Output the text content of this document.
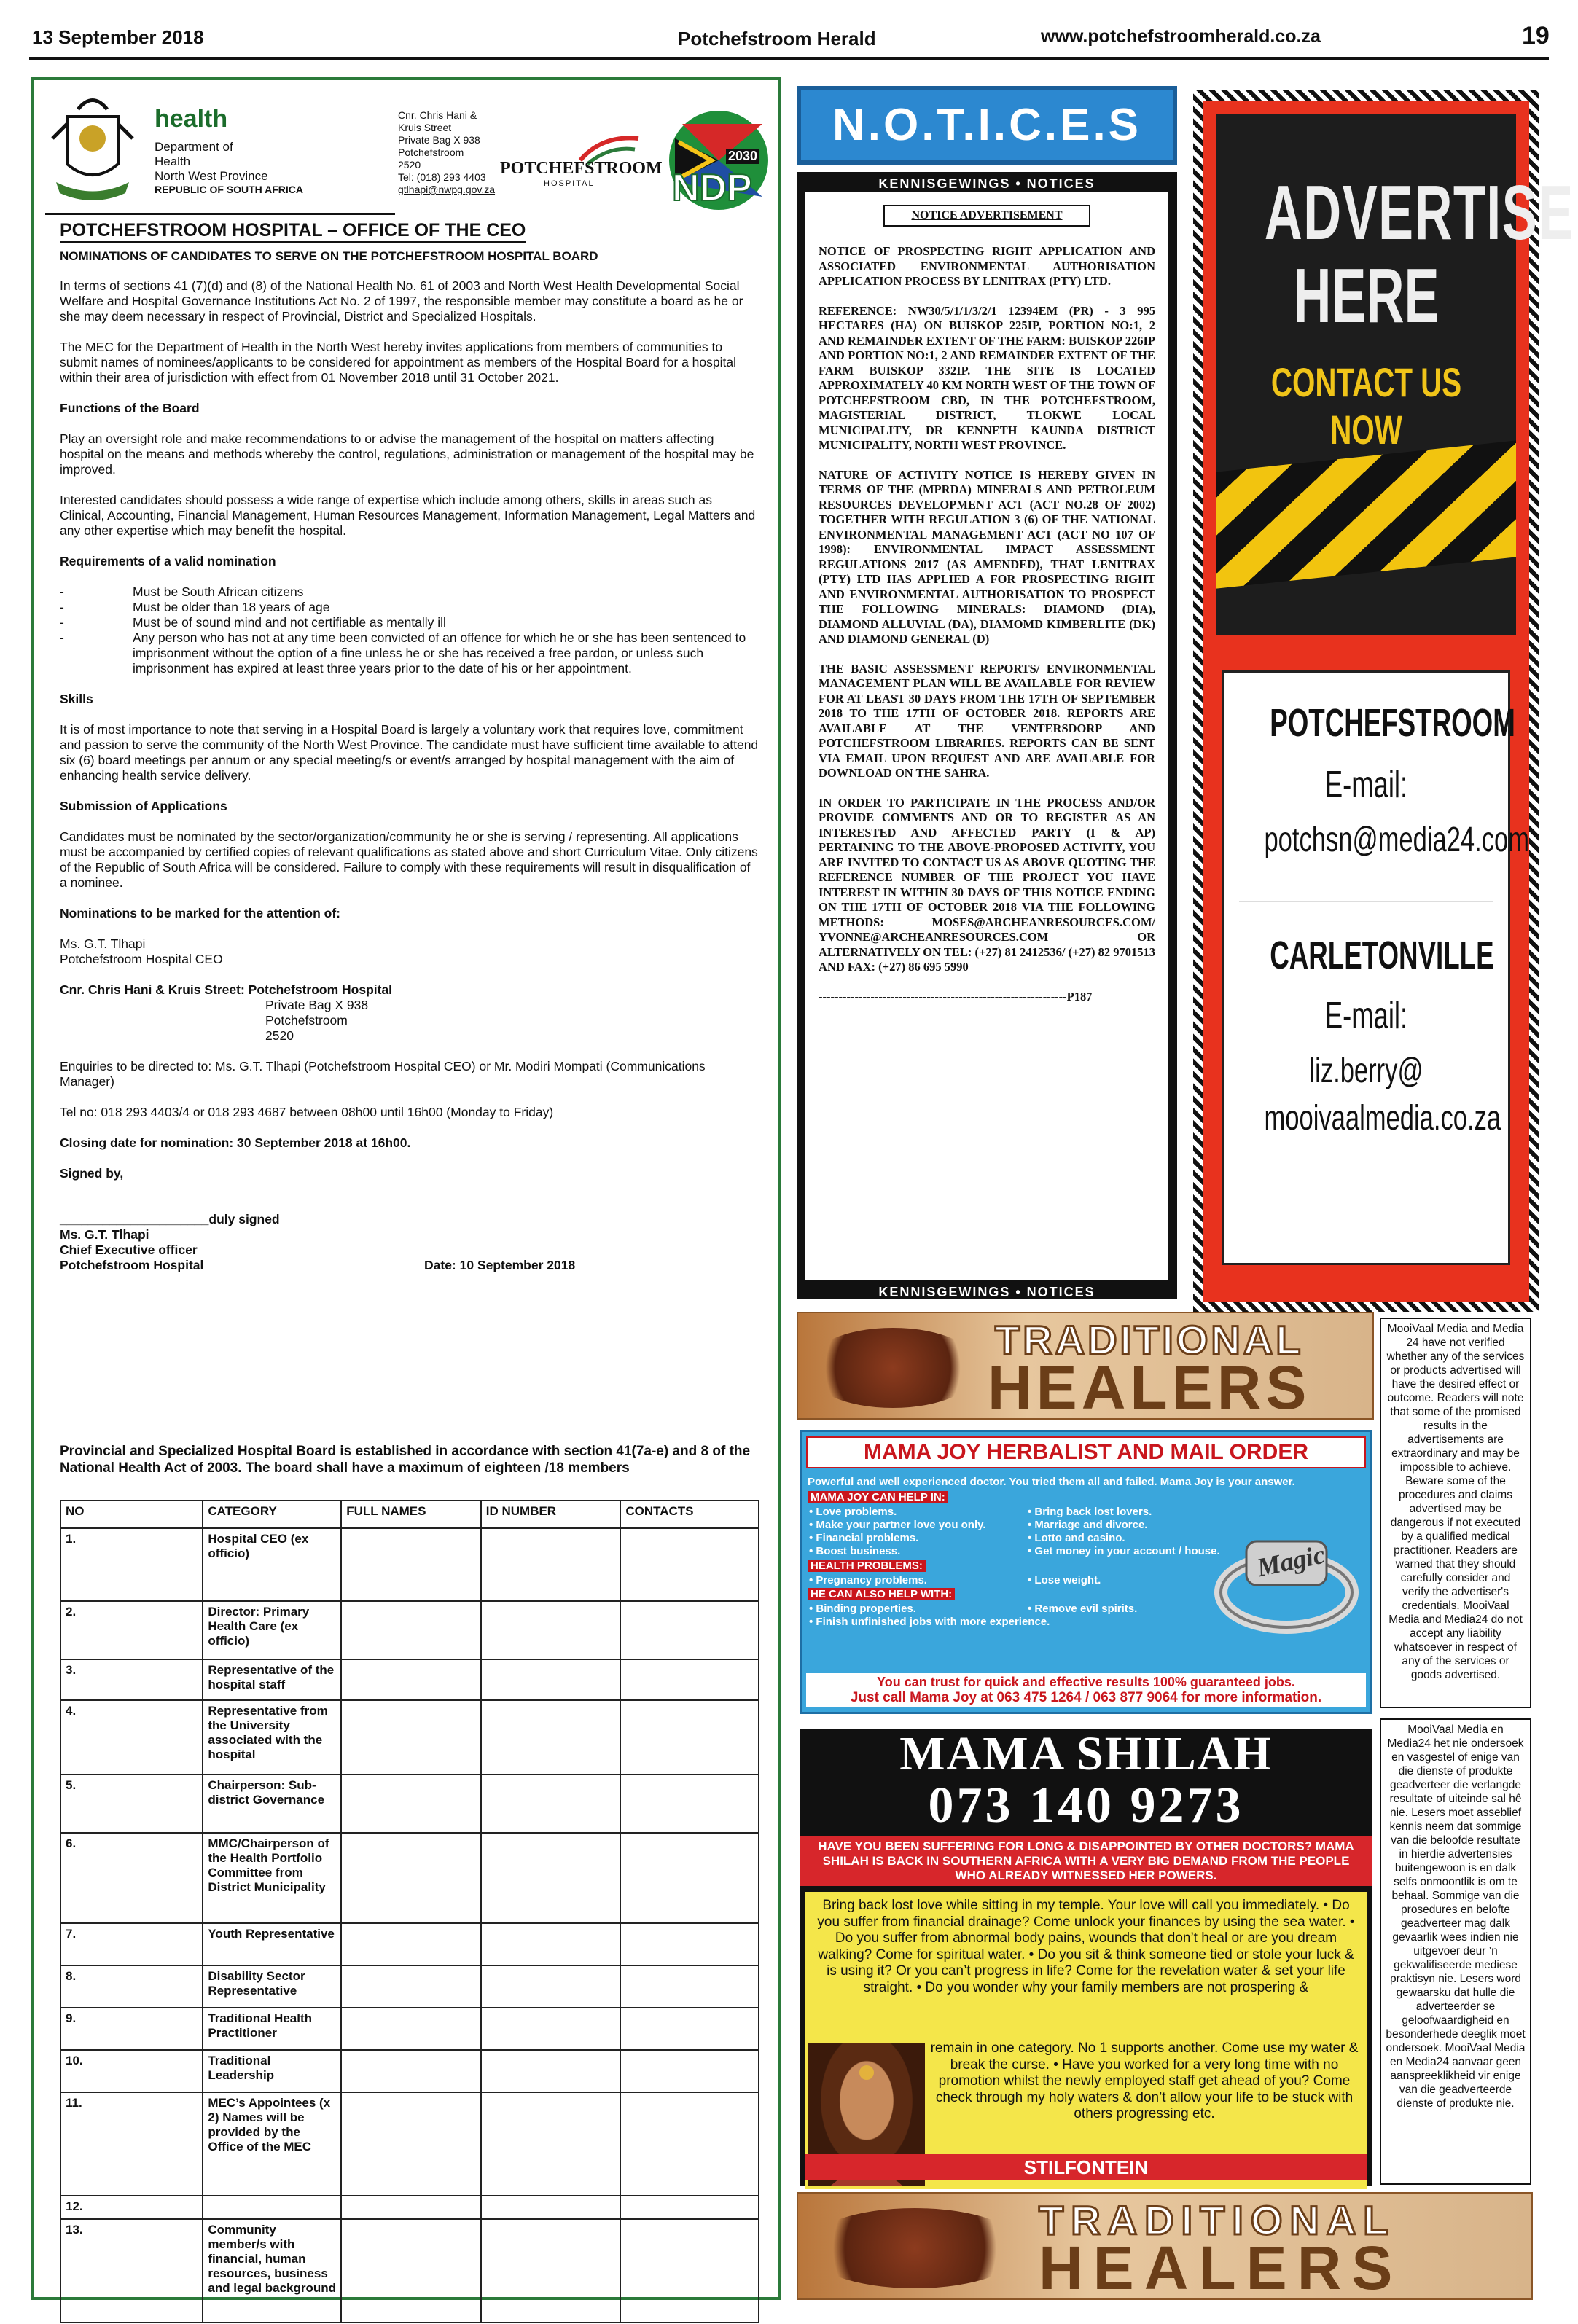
13 September 2018	Potchefstroom Herald	www.potchefstroomherald.co.za	19
health
Department of
Health
North West Province
REPUBLIC OF SOUTH AFRICA
Cnr. Chris Hani &
Kruis Street
Private Bag X 938
Potchefstroom
2520
Tel: (018) 293 4403
gtlhapi@nwpg.gov.za
POTCHEFSTROOM
HOSPITAL
2030
NDP
POTCHEFSTROOM HOSPITAL – OFFICE OF THE CEO
NOMINATIONS OF CANDIDATES TO SERVE ON THE POTCHEFSTROOM HOSPITAL BOARD

In terms of sections 41 (7)(d) and (8) of the National Health No. 61 of 2003 and North West Health Developmental Social Welfare and Hospital Governance Institutions Act No. 2 of 1997, the responsible member may constitute a board as he or she may deem necessary in respect of Provincial, District and Specialized Hospitals.

The MEC for the Department of Health in the North West hereby invites applications from members of communities to submit names of nominees/applicants to be considered for appointment as members of the Hospital Board for a hospital within their area of jurisdiction with effect from 01 November 2018 until 31 October 2021.

Functions of the Board

Play an oversight role and make recommendations to or advise the management of the hospital on matters affecting hospital on the means and methods whereby the control, regulations, administration or management of the hospital may be improved.

Interested candidates should possess a wide range of expertise which include among others, skills in areas such as Clinical, Accounting, Financial Management, Human Resources Management, Information Management, Legal Matters and any other expertise which may benefit the hospital.

Requirements of a valid nomination

-	Must be South African citizens
-	Must be older than 18 years of age
-	Must be of sound mind and not certifiable as mentally ill
-	Any person who has not at any time been convicted of an offence for which he or she has been sentenced to imprisonment without the option of a fine unless he or she has received a free pardon, or unless such imprisonment has expired at least three years prior to the date of his or her appointment.

Skills

It is of most importance to note that serving in a Hospital Board is largely a voluntary work that requires love, commitment and passion to serve the community of the North West Province. The candidate must have sufficient time available to attend six (6) board meetings per annum or any special meeting/s or event/s arranged by hospital management with the aim of enhancing health service delivery.

Submission of Applications

Candidates must be nominated by the sector/organization/community he or she is serving / representing. All applications must be accompanied by certified copies of relevant qualifications as stated above and short Curriculum Vitae. Only citizens of the Republic of South Africa will be considered. Failure to comply with these requirements will result in disqualification of a nominee.

Nominations to be marked for the attention of:

Ms. G.T. Tlhapi
Potchefstroom Hospital CEO
Cnr. Chris Hani & Kruis Street: Potchefstroom Hospital
Private Bag X 938
Potchefstroom
2520

Enquiries to be directed to: Ms. G.T. Tlhapi (Potchefstroom Hospital CEO) or Mr. Modiri Mompati (Communications Manager)

Tel no: 018 293 4403/4 or 018 293 4687 between 08h00 until 16h00 (Monday to Friday)

Closing date for nomination: 30 September 2018 at 16h00.

Signed by,

_____________________duly signed
Ms. G.T. Tlhapi
Chief Executive officer
Potchefstroom Hospital	Date: 10 September 2018
Provincial and Specialized Hospital Board is established in accordance with section 41(7a-e) and 8 of the National Health Act of 2003. The board shall have a maximum of eighteen /18 members
NO	CATEGORY	FULL NAMES	ID NUMBER	CONTACTS
1.	Hospital CEO (ex officio)			
2.	Director: Primary Health Care (ex officio)			
3.	Representative of the hospital staff			
4.	Representative from the University associated with the hospital			
5.	Chairperson: Sub-district Governance			
6.	MMC/Chairperson of the Health Portfolio Committee from District Municipality			
7.	Youth Representative			
8.	Disability Sector Representative			
9.	Traditional Health Practitioner			
10.	Traditional Leadership			
11.	MEC’s Appointees (x 2) Names will be provided by the Office of the MEC			
12.				
13.	Community member/s with financial, human resources, business and legal background			
N.O.T.I.C.E.S
KENNISGEWINGS • NOTICES
NOTICE ADVERTISEMENT

NOTICE OF PROSPECTING RIGHT APPLICATION AND ASSOCIATED ENVIRONMENTAL AUTHORISATION APPLICATION PROCESS BY LENITRAX (PTY) LTD.

REFERENCE: NW30/5/1/1/3/2/1 12394EM (PR) - 3 995 HECTARES (HA) ON BUISKOP 225IP, PORTION NO:1, 2 AND REMAINDER EXTENT OF THE FARM: BUISKOP 226IP AND PORTION NO:1, 2 AND REMAINDER EXTENT OF THE FARM BUISKOP 332IP. THE SITE IS LOCATED APPROXIMATELY 40 KM NORTH WEST OF THE TOWN OF POTCHEFSTROOM CBD, IN THE POTCHEFSTROOM, MAGISTERIAL DISTRICT, TLOKWE LOCAL MUNICIPALITY, DR KENNETH KAUNDA DISTRICT MUNICIPALITY, NORTH WEST PROVINCE.

NATURE OF ACTIVITY NOTICE IS HEREBY GIVEN IN TERMS OF THE (MPRDA) MINERALS AND PETROLEUM RESOURCES DEVELOPMENT ACT (ACT NO.28 OF 2002) TOGETHER WITH REGULATION 3 (6) OF THE NATIONAL ENVIRONMENTAL MANAGEMENT ACT (ACT NO 107 OF 1998): ENVIRONMENTAL IMPACT ASSESSMENT REGULATIONS 2017 (AS AMENDED), THAT LENITRAX (PTY) LTD HAS APPLIED A FOR PROSPECTING RIGHT AND ENVIRONMENTAL AUTHORISATION TO PROSPECT THE FOLLOWING MINERALS: DIAMOND (DIA), DIAMOND ALLUVIAL (DA), DIAMOMD KIMBERLITE (DK) AND DIAMOND GENERAL (D)

THE BASIC ASSESSMENT REPORTS/ ENVIRONMENTAL MANAGEMENT PLAN WILL BE AVAILABLE FOR REVIEW FOR AT LEAST 30 DAYS FROM THE 17TH OF SEPTEMBER 2018 TO THE 17TH OF OCTOBER 2018. REPORTS ARE AVAILABLE AT THE VENTERSDORP AND POTCHEFSTROOM LIBRARIES. REPORTS CAN BE SENT VIA EMAIL UPON REQUEST AND ARE AVAILABLE FOR DOWNLOAD ON THE SAHRA.

IN ORDER TO PARTICIPATE IN THE PROCESS AND/OR PROVIDE COMMENTS AND OR TO REGISTER AS AN INTERESTED AND AFFECTED PARTY (I & AP) PERTAINING TO THE ABOVE-PROPOSED ACTIVITY, YOU ARE INVITED TO CONTACT US AS ABOVE QUOTING THE REFERENCE NUMBER OF THE PROJECT YOU HAVE INTEREST IN WITHIN 30 DAYS OF THIS NOTICE ENDING ON THE 17TH OF OCTOBER 2018 VIA THE FOLLOWING METHODS: MOSES@ARCHEANRESOURCES.COM/ YVONNE@ARCHEANRESOURCES.COM OR ALTERNATIVELY ON TEL: (+27) 81 2412536/ (+27) 82 9701513 AND FAX: (+27) 86 695 5990

--------------------------------------------------------------P187
KENNISGEWINGS • NOTICES
ADVERTISE
HERE
CONTACT US NOW
POTCHEFSTROOM
E-mail:
potchsn@media24.com
CARLETONVILLE
E-mail:
liz.berry@
mooivaalmedia.co.za
TRADITIONAL
HEALERS
MAMA JOY HERBALIST AND MAIL ORDER
Powerful and well experienced doctor. You tried them all and failed. Mama Joy is your answer.
MAMA JOY CAN HELP IN:
• Love problems.
• Make your partner love you only.
• Financial problems.
• Boost business.
• Bring back lost lovers.
• Marriage and divorce.
• Lotto and casino.
• Get money in your account / house.
HEALTH PROBLEMS:
• Pregnancy problems.	• Lose weight.
HE CAN ALSO HELP WITH:
• Binding properties.
• Finish unfinished jobs with more experience.
• Remove evil spirits.
Magic
You can trust for quick and effective results 100% guaranteed jobs.
Just call Mama Joy at 063 475 1264 / 063 877 9064 for more information.
MAMA SHILAH
073 140 9273
HAVE YOU BEEN SUFFERING FOR LONG & DISAPPOINTED BY OTHER DOCTORS? MAMA SHILAH IS BACK IN SOUTHERN AFRICA WITH A VERY BIG DEMAND FROM THE PEOPLE WHO ALREADY WITNESSED HER POWERS.
Bring back lost love while sitting in my temple. Your love will call you immediately. • Do you suffer from financial drainage? Come unlock your finances by using the sea water. • Do you suffer from abnormal body pains, wounds that don’t heal or are you dream walking? Come for spiritual water. • Do you sit & think someone tied or stole your luck & is using it? Or you can’t progress in life? Come for the revelation water & set your life straight. • Do you wonder why your family members are not prospering &
remain in one category. No 1 supports another. Come use my water & break the curse. • Have you worked for a very long time with no promotion whilst the newly employed staff get ahead of you? Come check through my holy waters & don’t allow your life to be stuck with others progressing etc.
STILFONTEIN
TRADITIONAL
HEALERS
MooiVaal Media and Media 24 have not verified whether any of the services or products advertised will have the desired effect or outcome. Readers will note that some of the promised results in the advertisements are extraordinary and may be impossible to achieve. Beware some of the procedures and claims advertised may be dangerous if not executed by a qualified medical practitioner. Readers are warned that they should carefully consider and verify the advertiser's credentials. MooiVaal Media and Media24 do not accept any liability whatsoever in respect of any of the services or goods advertised.
MooiVaal Media en Media24 het nie ondersoek en vasgestel of enige van die dienste of produkte geadverteer die verlangde resultate of uiteinde sal hê nie. Lesers moet asseblief kennis neem dat sommige van die beloofde resultate in hierdie advertensies buitengewoon is en dalk selfs onmoontlik is om te behaal. Sommige van die prosedures en belofte geadverteer mag dalk gevaarlik wees indien nie uitgevoer deur ’n gekwalifiseerde mediese praktisyn nie. Lesers word gewaarsku dat hulle die adverteerder se geloofwaardigheid en besonderhede deeglik moet ondersoek. MooiVaal Media en Media24 aanvaar geen aanspreeklikheid vir enige van die geadverteerde dienste of produkte nie.
